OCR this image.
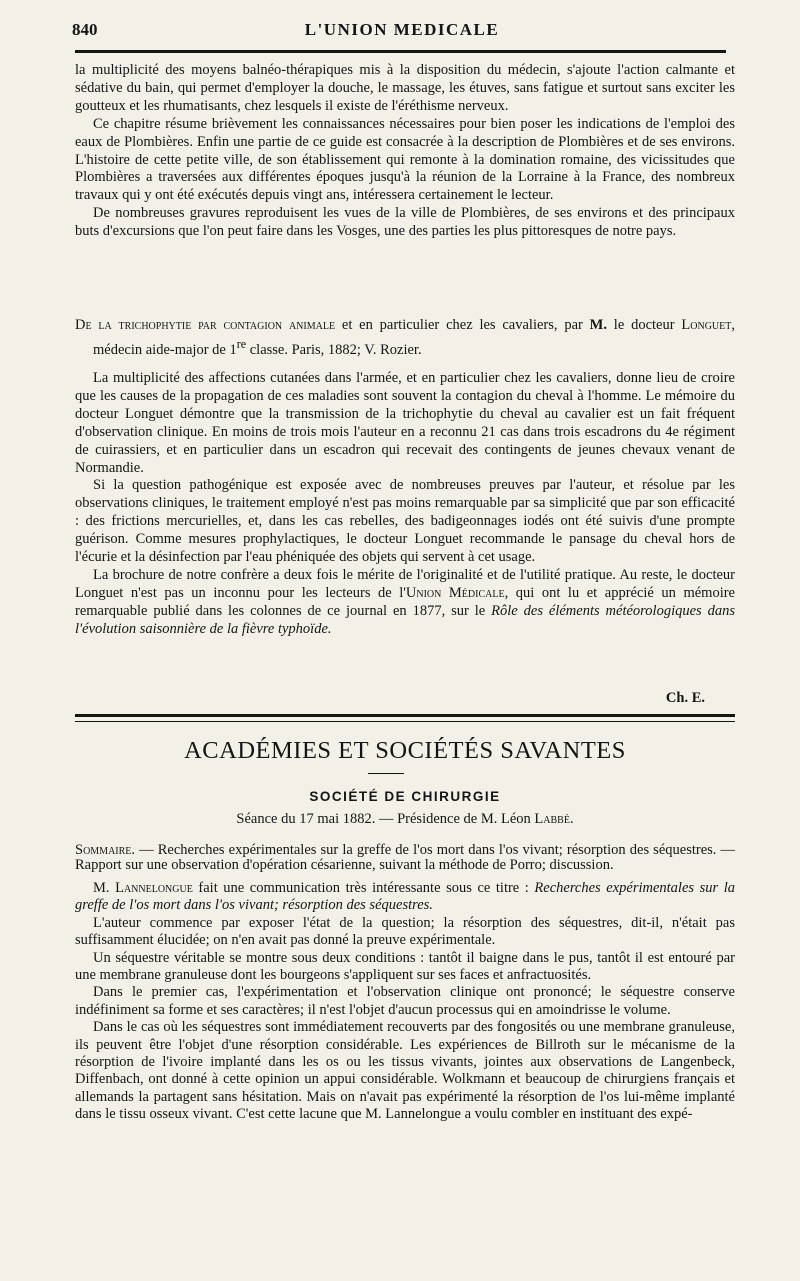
840	L'UNION MEDICALE

la multiplicité des moyens balnéo-thérapiques mis à la disposition du médecin, s'ajoute l'action calmante et sédative du bain, qui permet d'employer la douche, le massage, les étuves, sans fatigue et surtout sans exciter les goutteux et les rhumatisants, chez lesquels il existe de l'éréthisme nerveux.

Ce chapitre résume brièvement les connaissances nécessaires pour bien poser les indications de l'emploi des eaux de Plombières. Enfin une partie de ce guide est consacrée à la description de Plombières et de ses environs. L'histoire de cette petite ville, de son établissement qui remonte à la domination romaine, des vicissitudes que Plombières a traversées aux différentes époques jusqu'à la réunion de la Lorraine à la France, des nombreux travaux qui y ont été exécutés depuis vingt ans, intéressera certainement le lecteur.

De nombreuses gravures reproduisent les vues de la ville de Plombières, de ses environs et des principaux buts d'excursions que l'on peut faire dans les Vosges, une des parties les plus pittoresques de notre pays.

De la trichophytie par contagion animale et en particulier chez les cavaliers, par M. le docteur Longuet, médecin aide-major de 1re classe. Paris, 1882; V. Rozier.

La multiplicité des affections cutanées dans l'armée, et en particulier chez les cavaliers, donne lieu de croire que les causes de la propagation de ces maladies sont souvent la contagion du cheval à l'homme. Le mémoire du docteur Longuet démontre que la transmission de la trichophytie du cheval au cavalier est un fait fréquent d'observation clinique. En moins de trois mois l'auteur en a reconnu 21 cas dans trois escadrons du 4e régiment de cuirassiers, et en particulier dans un escadron qui recevait des contingents de jeunes chevaux venant de Normandie.

Si la question pathogénique est exposée avec de nombreuses preuves par l'auteur, et résolue par les observations cliniques, le traitement employé n'est pas moins remarquable par sa simplicité que par son efficacité : des frictions mercurielles, et, dans les cas rebelles, des badigeonnages iodés ont été suivis d'une prompte guérison. Comme mesures prophylactiques, le docteur Longuet recommande le pansage du cheval hors de l'écurie et la désinfection par l'eau phéniquée des objets qui servent à cet usage.

La brochure de notre confrère a deux fois le mérite de l'originalité et de l'utilité pratique. Au reste, le docteur Longuet n'est pas un inconnu pour les lecteurs de l'Union Médicale, qui ont lu et apprécié un mémoire remarquable publié dans les colonnes de ce journal en 1877, sur le Rôle des éléments météorologiques dans l'évolution saisonnière de la fièvre typhoïde.

Ch. E.
ACADÉMIES ET SOCIÉTÉS SAVANTES
SOCIÉTÉ DE CHIRURGIE
Séance du 17 mai 1882. — Présidence de M. Léon Labbé.
Sommaire. — Recherches expérimentales sur la greffe de l'os mort dans l'os vivant; résorption des séquestres. — Rapport sur une observation d'opération césarienne, suivant la méthode de Porro; discussion.

M. Lannelongue fait une communication très intéressante sous ce titre : Recherches expérimentales sur la greffe de l'os mort dans l'os vivant; résorption des séquestres.

L'auteur commence par exposer l'état de la question; la résorption des séquestres, dit-il, n'était pas suffisamment élucidée; on n'en avait pas donné la preuve expérimentale.

Un séquestre véritable se montre sous deux conditions : tantôt il baigne dans le pus, tantôt il est entouré par une membrane granuleuse dont les bourgeons s'appliquent sur ses faces et anfractuosités.

Dans le premier cas, l'expérimentation et l'observation clinique ont prononcé; le séquestre conserve indéfiniment sa forme et ses caractères; il n'est l'objet d'aucun processus qui en amoindrisse le volume.

Dans le cas où les séquestres sont immédiatement recouverts par des fongosités ou une membrane granuleuse, ils peuvent être l'objet d'une résorption considérable. Les expériences de Billroth sur le mécanisme de la résorption de l'ivoire implanté dans les os ou les tissus vivants, jointes aux observations de Langenbeck, Diffenbach, ont donné à cette opinion un appui considérable. Wolkmann et beaucoup de chirurgiens français et allemands la partagent sans hésitation. Mais on n'avait pas expérimenté la résorption de l'os lui-même implanté dans le tissu osseux vivant. C'est cette lacune que M. Lannelongue a voulu combler en instituant des expé-
